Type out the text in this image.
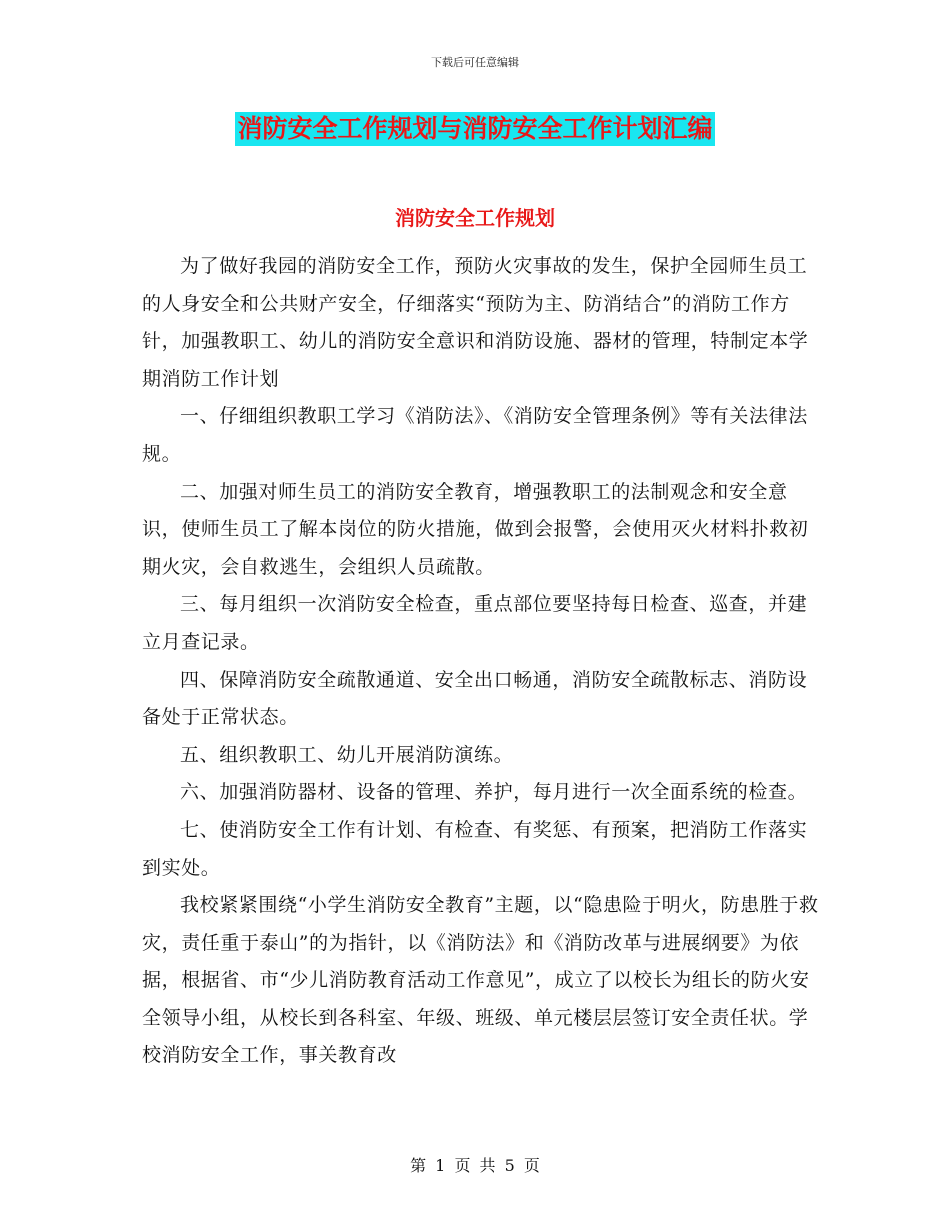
下载后可任意编辑
消防安全工作规划与消防安全工作计划汇编
消防安全工作规划

为了做好我园的消防安全工作，预防火灾事故的发生，保护全园师生员工的人身安全和公共财产安全，仔细落实“预防为主、防消结合”的消防工作方针，加强教职工、幼儿的消防安全意识和消防设施、器材的管理，特制定本学期消防工作计划

一、仔细组织教职工学习《消防法》、《消防安全管理条例》等有关法律法规。

二、加强对师生员工的消防安全教育，增强教职工的法制观念和安全意识，使师生员工了解本岗位的防火措施，做到会报警，会使用灭火材料扑救初期火灾，会自救逃生，会组织人员疏散。

三、每月组织一次消防安全检查，重点部位要坚持每日检查、巡查，并建立月查记录。

四、保障消防安全疏散通道、安全出口畅通，消防安全疏散标志、消防设备处于正常状态。

五、组织教职工、幼儿开展消防演练。

六、加强消防器材、设备的管理、养护，每月进行一次全面系统的检查。

七、使消防安全工作有计划、有检查、有奖惩、有预案，把消防工作落实到实处。

我校紧紧围绕“小学生消防安全教育”主题，以“隐患险于明火，防患胜于救灾，责任重于泰山”的为指针，以《消防法》和《消防改革与进展纲要》为依据，根据省、市“少儿消防教育活动工作意见”，成立了以校长为组长的防火安全领导小组，从校长到各科室、年级、班级、单元楼层层签订安全责任状。学校消防安全工作，事关教育改

第 1 页 共 5 页
